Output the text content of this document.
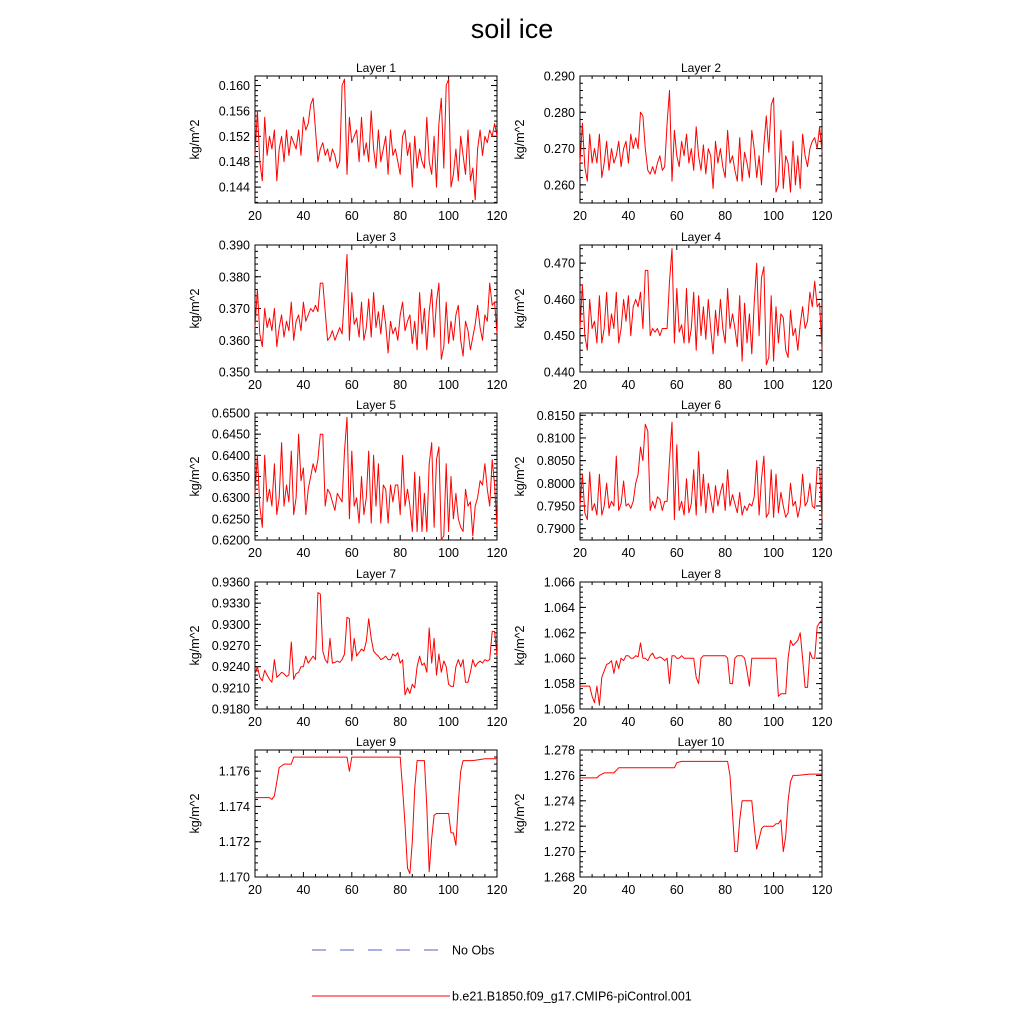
soil ice
20	40	60	80 100 120
0.144
0.148
0.152
0.156
0.160
Layer 1
kg/m^2
20	40	60	80 100 120
0.260
0.270
0.280
0.290
Layer 2
kg/m^2
20	40	60	80 100 120
0.350
0.360
0.370
0.380
0.390
Layer 3
kg/m^2
20	40	60	80 100 120
0.440
0.450
0.460
0.470
Layer 4
kg/m^2
20	40	60	80 100 120
0.6200
0.6250
0.6300
0.6350
0.6400
0.6450
0.6500
Layer 5
kg/m^2
20	40	60	80 100 120
0.7900
0.7950
0.8000
0.8050
0.8100
0.8150
Layer 6
kg/m^2
20	40	60	80 100 120
0.9180
0.9210
0.9240
0.9270
0.9300
0.9330
0.9360
Layer 7
kg/m^2
20	40	60	80 100 120
1.056
1.058
1.060
1.062
1.064
1.066
Layer 8
kg/m^2
20	40	60	80 100 120
1.170
1.172
1.174
1.176
Layer 9
kg/m^2
20	40	60	80 100 120
1.268
1.270
1.272
1.274
1.276
1.278
Layer 10
kg/m^2
No Obs
b.e21.B1850.f09_g17.CMIP6-piControl.001
